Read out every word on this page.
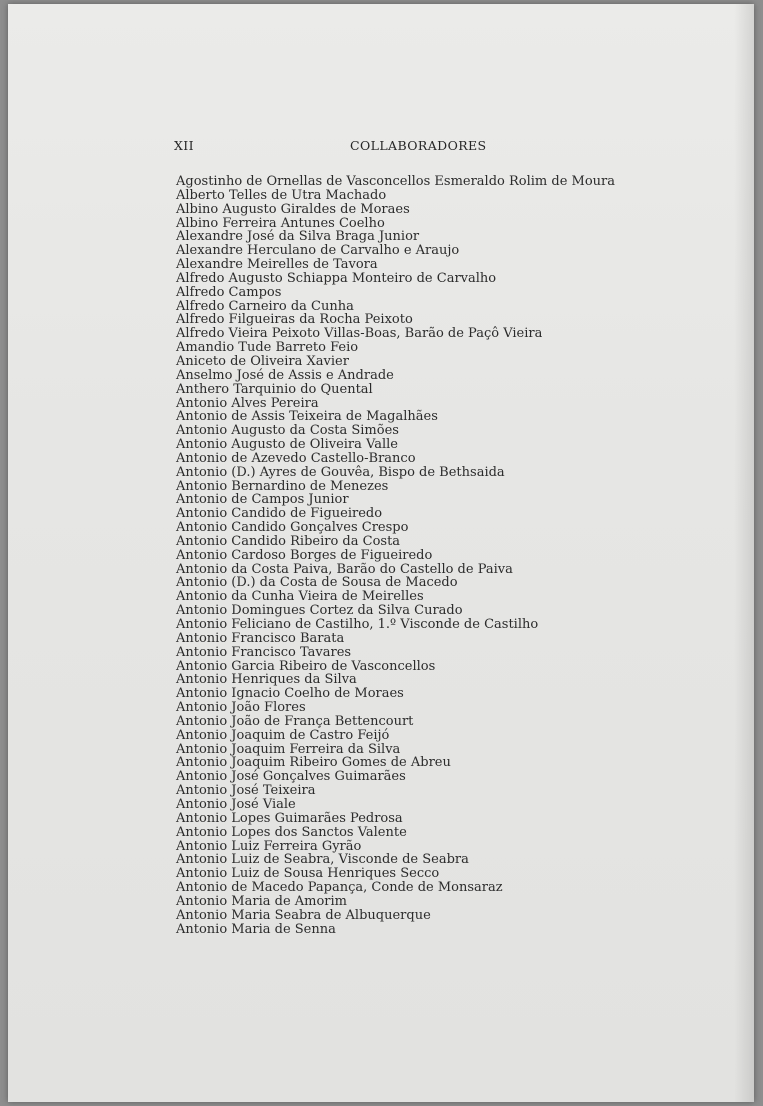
XII	COLLABORADORES
Agostinho de Ornellas de Vasconcellos Esmeraldo Rolim de Moura
Alberto Telles de Utra Machado
Albino Augusto Giraldes de Moraes
Albino Ferreira Antunes Coelho
Alexandre José da Silva Braga Junior
Alexandre Herculano de Carvalho e Araujo
Alexandre Meirelles de Tavora
Alfredo Augusto Schiappa Monteiro de Carvalho
Alfredo Campos
Alfredo Carneiro da Cunha
Alfredo Filgueiras da Rocha Peixoto
Alfredo Vieira Peixoto Villas-Boas, Barão de Paçô Vieira
Amandio Tude Barreto Feio
Aniceto de Oliveira Xavier
Anselmo José de Assis e Andrade
Anthero Tarquinio do Quental
Antonio Alves Pereira
Antonio de Assis Teixeira de Magalhães
Antonio Augusto da Costa Simões
Antonio Augusto de Oliveira Valle
Antonio de Azevedo Castello-Branco
Antonio (D.) Ayres de Gouvêa, Bispo de Bethsaida
Antonio Bernardino de Menezes
Antonio de Campos Junior
Antonio Candido de Figueiredo
Antonio Candido Gonçalves Crespo
Antonio Candido Ribeiro da Costa
Antonio Cardoso Borges de Figueiredo
Antonio da Costa Paiva, Barão do Castello de Paiva
Antonio (D.) da Costa de Sousa de Macedo
Antonio da Cunha Vieira de Meirelles
Antonio Domingues Cortez da Silva Curado
Antonio Feliciano de Castilho, 1.º Visconde de Castilho
Antonio Francisco Barata
Antonio Francisco Tavares
Antonio Garcia Ribeiro de Vasconcellos
Antonio Henriques da Silva
Antonio Ignacio Coelho de Moraes
Antonio João Flores
Antonio João de França Bettencourt
Antonio Joaquim de Castro Feijó
Antonio Joaquim Ferreira da Silva
Antonio Joaquim Ribeiro Gomes de Abreu
Antonio José Gonçalves Guimarães
Antonio José Teixeira
Antonio José Viale
Antonio Lopes Guimarães Pedrosa
Antonio Lopes dos Sanctos Valente
Antonio Luiz Ferreira Gyrão
Antonio Luiz de Seabra, Visconde de Seabra
Antonio Luiz de Sousa Henriques Secco
Antonio de Macedo Papança, Conde de Monsaraz
Antonio Maria de Amorim
Antonio Maria Seabra de Albuquerque
Antonio Maria de Senna
